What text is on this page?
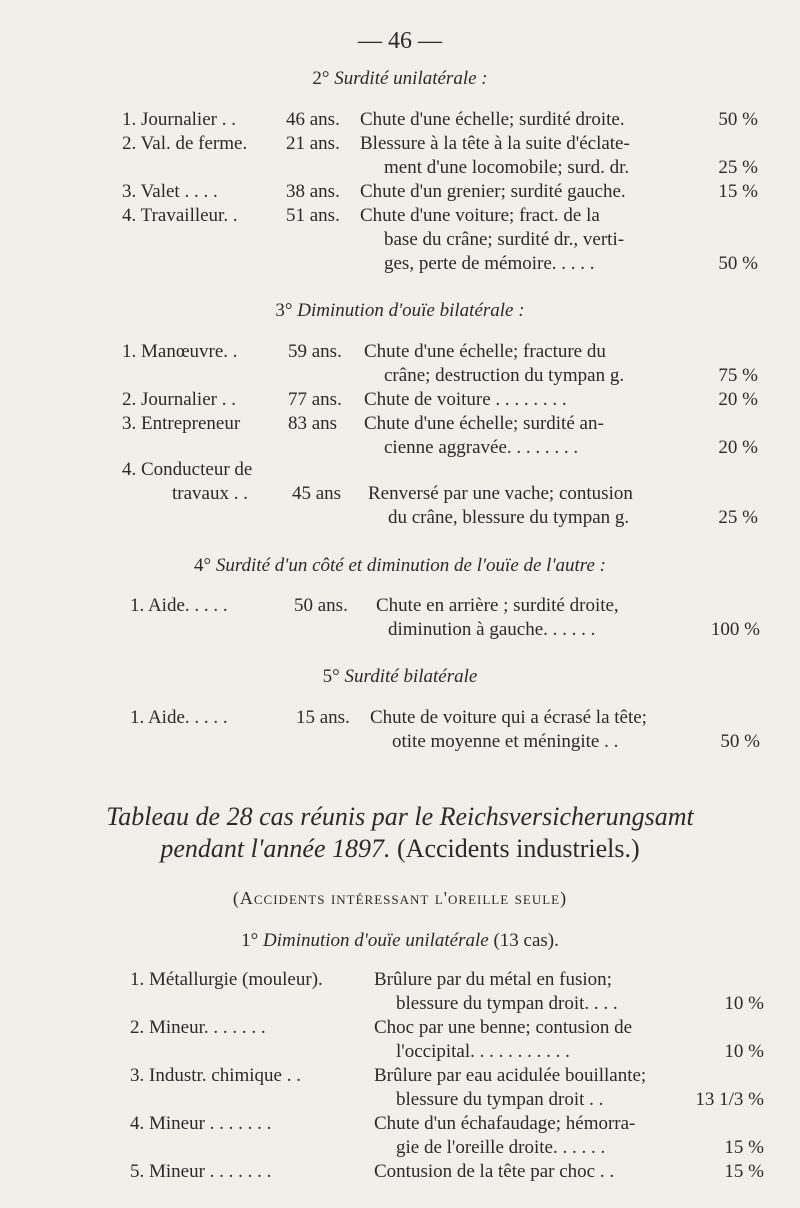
— 46 —
2° Surdité unilatérale :
1. Journalier . .	46 ans. Chute d'une échelle; surdité droite.	50 %
2. Val. de ferme. 21 ans. Blessure à la tête à la suite d'éclate-
ment d'une locomobile; surd. dr.	25 %
3. Valet . . . .	38 ans. Chute d'un grenier; surdité gauche.	15 %
4. Travailleur. .	51 ans. Chute d'une voiture; fract. de la
base du crâne; surdité dr., verti-
ges, perte de mémoire. . . . .	50 %
3° Diminution d'ouïe bilatérale :
1. Manœuvre. .	59 ans. Chute d'une échelle; fracture du
crâne; destruction du tympan g.	75 %
2. Journalier . .	77 ans. Chute de voiture . . . . . . . .	20 %
3. Entrepreneur	83 ans Chute d'une échelle; surdité an-
cienne aggravée. . . . . . . .	20 %
4. Conducteur de
travaux . . 45 ans Renversé par une vache; contusion
du crâne, blessure du tympan g.	25 %
4° Surdité d'un côté et diminution de l'ouïe de l'autre :
1. Aide. . . . .	50 ans. Chute en arrière ; surdité droite,
diminution à gauche. . . . . .	100 %
5° Surdité bilatérale
1. Aide. . . . .	15 ans. Chute de voiture qui a écrasé la tête;
otite moyenne et méningite . .	50 %
Tableau de 28 cas réunis par le Reichsversicherungsamt
pendant l'année 1897. (Accidents industriels.)
(Accidents intéressant l'oreille seule)
1° Diminution d'ouïe unilatérale (13 cas).
1. Métallurgie (mouleur).	Brûlure par du métal en fusion;
blessure du tympan droit. . . .	10 %
2. Mineur. . . . . . .	Choc par une benne; contusion de
l'occipital. . . . . . . . . . .	10 %
3. Industr. chimique . .	Brûlure par eau acidulée bouillante;
blessure du tympan droit . .	13 1/3 %
4. Mineur . . . . . . .	Chute d'un échafaudage; hémorra-
gie de l'oreille droite. . . . . .	15 %
5. Mineur . . . . . . .	Contusion de la tête par choc . .	15 %
